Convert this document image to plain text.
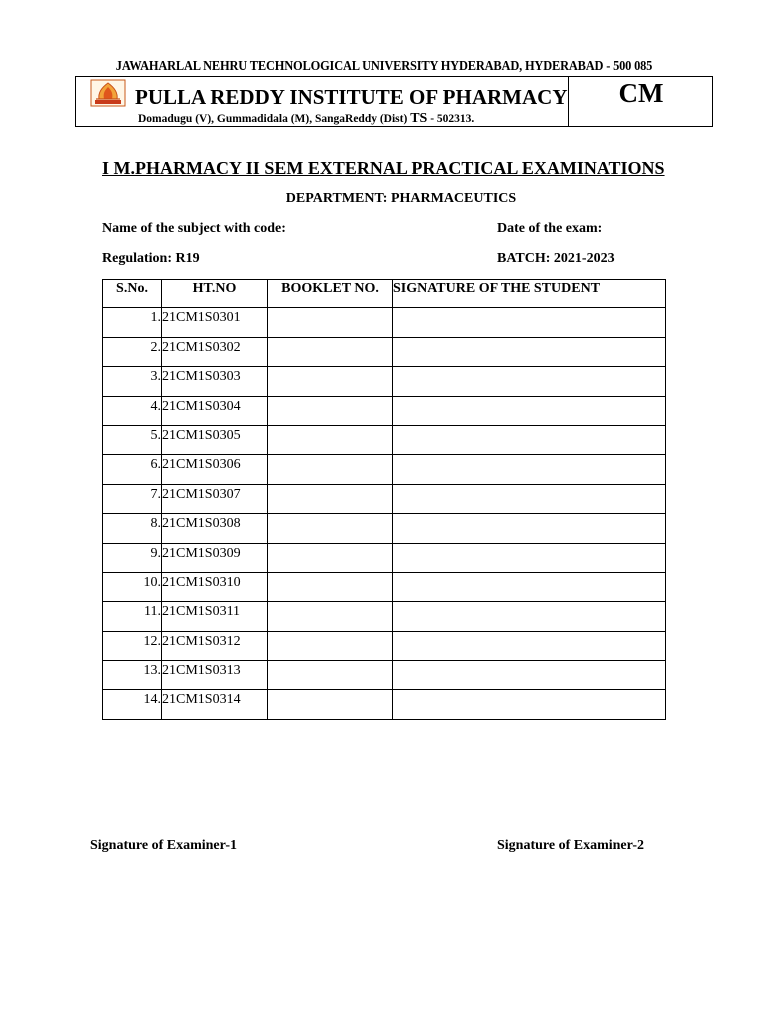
JAWAHARLAL NEHRU TECHNOLOGICAL UNIVERSITY HYDERABAD, HYDERABAD - 500 085
PULLA REDDY INSTITUTE OF PHARMACY
Domadugu (V), Gummadidala (M), SangaReddy (Dist) TS - 502313.
CM
I M.PHARMACY II SEM EXTERNAL PRACTICAL EXAMINATIONS
DEPARTMENT: PHARMACEUTICS
Name of the subject with code:	Date of the exam:
Regulation: R19	BATCH: 2021-2023
S.No.	HT.NO	BOOKLET NO.	SIGNATURE OF THE STUDENT
1.	21CM1S0301		
2.	21CM1S0302		
3.	21CM1S0303		
4.	21CM1S0304		
5.	21CM1S0305		
6.	21CM1S0306		
7.	21CM1S0307		
8.	21CM1S0308		
9.	21CM1S0309		
10.	21CM1S0310		
11.	21CM1S0311		
12.	21CM1S0312		
13.	21CM1S0313		
14.	21CM1S0314		
Signature of Examiner-1	Signature of Examiner-2
